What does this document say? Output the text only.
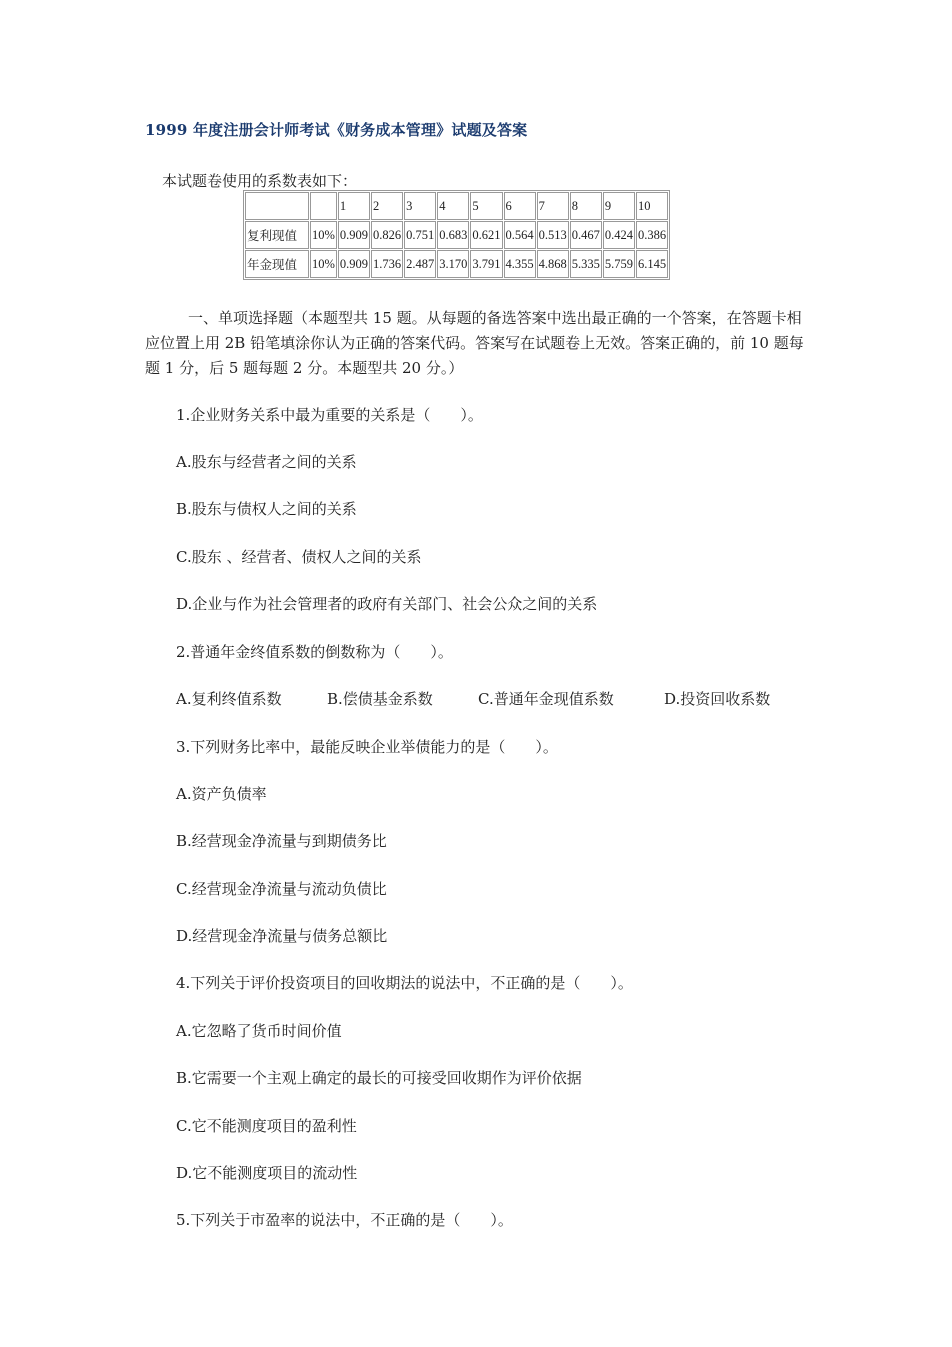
1999 年度注册会计师考试《财务成本管理》试题及答案
本试题卷使用的系数表如下：
		1	2	3	4	5	6	7	8	9	10
复利现值	10%	0.909	0.826	0.751	0.683	0.621	0.564	0.513	0.467	0.424	0.386
年金现值	10%	0.909	1.736	2.487	3.170	3.791	4.355	4.868	5.335	5.759	6.145
一、单项选择题（本题型共 15 题。从每题的备选答案中选出最正确的一个答案，在答题卡相应位置上用 2B 铅笔填涂你认为正确的答案代码。答案写在试题卷上无效。答案正确的，前 10 题每题 1 分，后 5 题每题 2 分。本题型共 20 分。）
1.企业财务关系中最为重要的关系是（　　）。
A.股东与经营者之间的关系
B.股东与债权人之间的关系
C.股东 、经营者、债权人之间的关系
D.企业与作为社会管理者的政府有关部门、社会公众之间的关系
2.普通年金终值系数的倒数称为（　　）。
A.复利终值系数	B.偿债基金系数	C.普通年金现值系数	D.投资回收系数
3.下列财务比率中，最能反映企业举债能力的是（　　）。
A.资产负债率
B.经营现金净流量与到期债务比
C.经营现金净流量与流动负债比
D.经营现金净流量与债务总额比
4.下列关于评价投资项目的回收期法的说法中，不正确的是（　　）。
A.它忽略了货币时间价值
B.它需要一个主观上确定的最长的可接受回收期作为评价依据
C.它不能测度项目的盈利性
D.它不能测度项目的流动性
5.下列关于市盈率的说法中，不正确的是（　　）。
